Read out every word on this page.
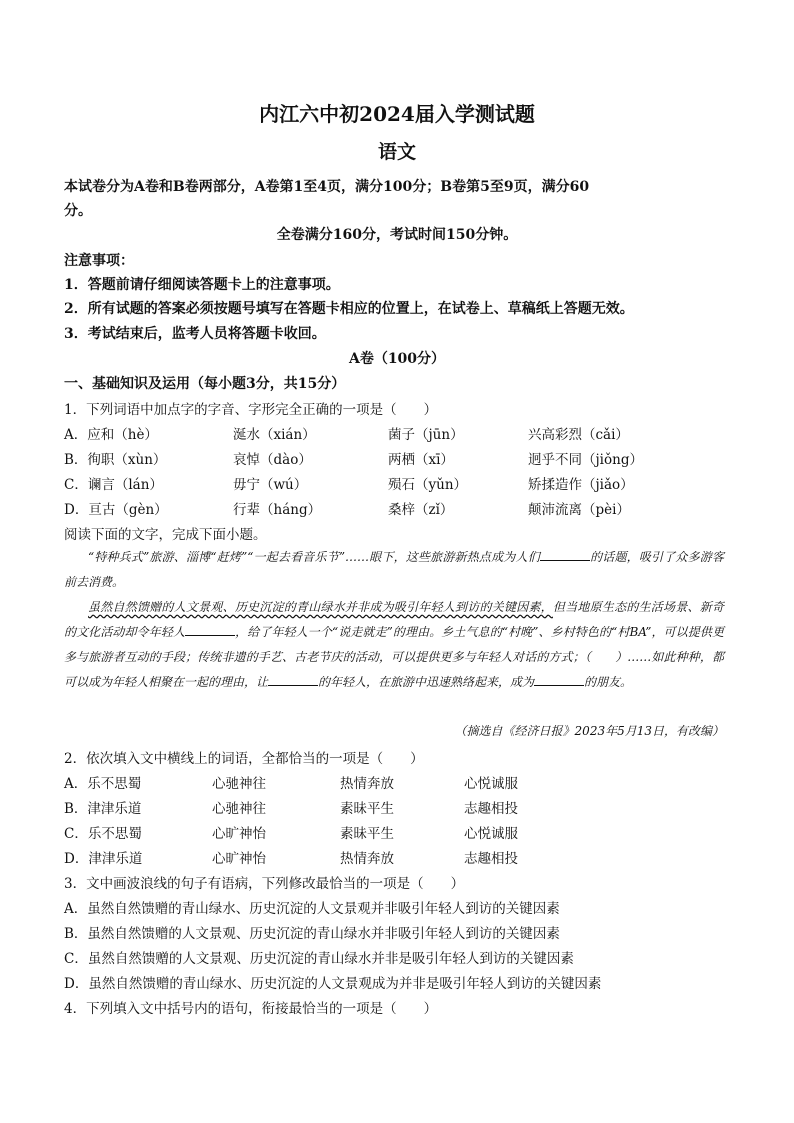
内江六中初2024届入学测试题
语文
本试卷分为A卷和B卷两部分，A卷第1至4页，满分100分；B卷第5至9页，满分60
分。
全卷满分160分，考试时间150分钟。
注意事项：
1．答题前请仔细阅读答题卡上的注意事项。
2．所有试题的答案必须按题号填写在答题卡相应的位置上，在试卷上、草稿纸上答题无效。
3．考试结束后，监考人员将答题卡收回。
A卷（100分）
一、基础知识及运用（每小题3分，共15分）
1．下列词语中加点字的字音、字形完全正确的一项是（　　）
A．应和（hè）	涎水（xián）	菌子（jūn）	兴高彩烈（cǎi）
B．徇职（xùn）	哀悼（dào）	两栖（xī）	迥乎不同（jiǒng）
C．谰言（lán）	毋宁（wú）	殒石（yǔn）	矫揉造作（jiǎo）
D．亘古（gèn）	行辈（háng）	桑梓（zǐ）	颠沛流离（pèi）
阅读下面的文字，完成下面小题。

“特种兵式”旅游、淄博“赶烤”“一起去看音乐节”……眼下，这些旅游新热点成为人们	的话题，吸引了众多游客前去消费。

虽然自然馈赠的人文景观、历史沉淀的青山绿水并非成为吸引年轻人到访的关键因素，但当地原生态的生活场景、新奇的文化活动却令年轻人	，给了年轻人一个“说走就走”的理由。乡土气息的“村晚”、乡村特色的“村BA”，可以提供更多与旅游者互动的手段；传统非遗的手艺、古老节庆的活动，可以提供更多与年轻人对话的方式；（　　）……如此种种，都可以成为年轻人相聚在一起的理由，让	的年轻人，在旅游中迅速熟络起来，成为	的朋友。

（摘选自《经济日报》2023年5月13日，有改编）
2．依次填入文中横线上的词语，全都恰当的一项是（　　）
A．乐不思蜀	心驰神往	热情奔放	心悦诚服
B．津津乐道	心驰神往	素昧平生	志趣相投
C．乐不思蜀	心旷神怡	素昧平生	心悦诚服
D．津津乐道	心旷神怡	热情奔放	志趣相投
3．文中画波浪线的句子有语病，下列修改最恰当的一项是（　　）
A．虽然自然馈赠的青山绿水、历史沉淀的人文景观并非吸引年轻人到访的关键因素
B．虽然自然馈赠的人文景观、历史沉淀的青山绿水并非吸引年轻人到访的关键因素
C．虽然自然馈赠的人文景观、历史沉淀的青山绿水并非是吸引年轻人到访的关键因素
D．虽然自然馈赠的青山绿水、历史沉淀的人文景观成为并非是吸引年轻人到访的关键因素
4．下列填入文中括号内的语句，衔接最恰当的一项是（　　）
